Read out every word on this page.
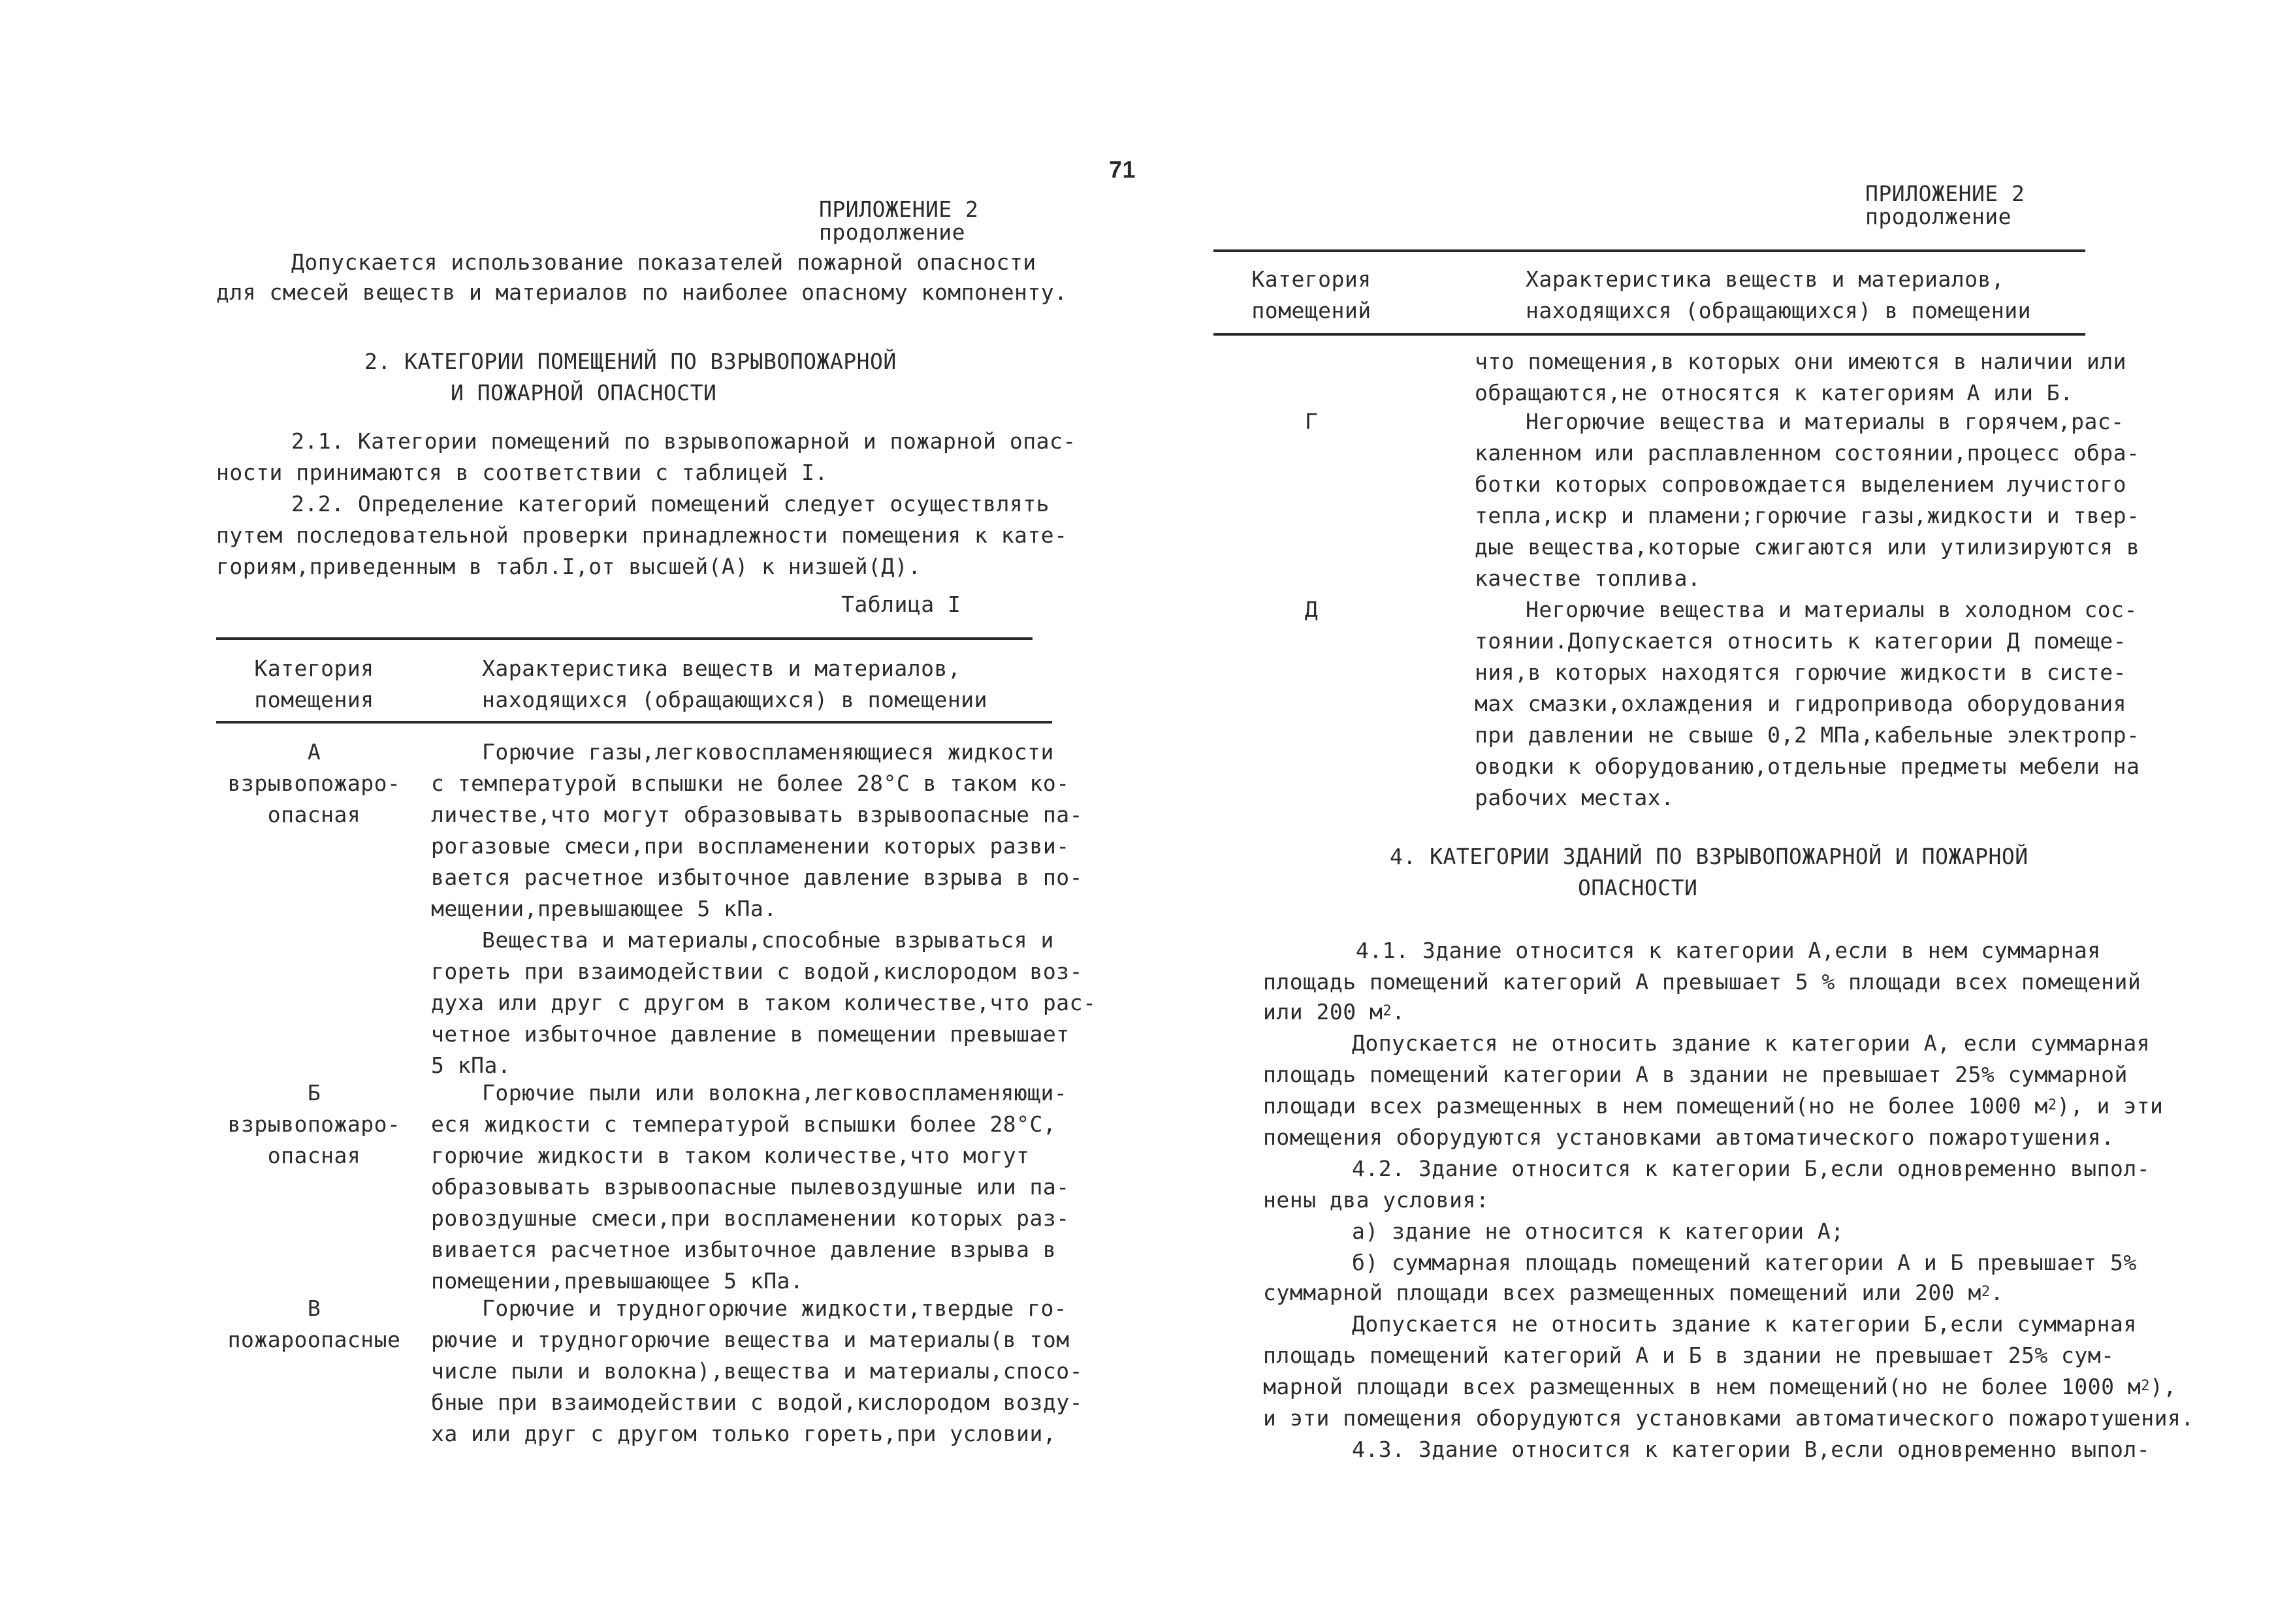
71
ПРИЛОЖЕНИЕ 2
продолжение
Допускается использование показателей пожарной опасности
для смесей веществ и материалов по наиболее опасному компоненту.
2. КАТЕГОРИИ ПОМЕЩЕНИЙ ПО ВЗРЫВОПОЖАРНОЙ
И ПОЖАРНОЙ ОПАСНОСТИ
2.1. Категории помещений по взрывопожарной и пожарной опас-
ности принимаются в соответствии с таблицей I.
2.2. Определение категорий помещений следует осуществлять
путем последовательной проверки принадлежности помещения к кате-
гориям,приведенным в табл.I,от высшей(А) к низшей(Д).
Таблица I
Категория
помещения
Характеристика веществ и материалов,
находящихся (обращающихся) в помещении
А
взрывопожаро-
опасная
Б
взрывопожаро-
опасная
В
пожароопасные
Горючие газы,легковоспламеняющиеся жидкости
с температурой вспышки не более 28°С в таком ко-
личестве,что могут образовывать взрывоопасные па-
рогазовые смеси,при воспламенении которых разви-
вается расчетное избыточное давление взрыва в по-
мещении,превышающее 5 кПа.
Вещества и материалы,способные взрываться и
гореть при взаимодействии с водой,кислородом воз-
духа или друг с другом в таком количестве,что рас-
четное избыточное давление в помещении превышает
5 кПа.
Горючие пыли или волокна,легковоспламеняющи-
еся жидкости с температурой вспышки более 28°С,
горючие жидкости в таком количестве,что могут
образовывать взрывоопасные пылевоздушные или па-
ровоздушные смеси,при воспламенении которых раз-
вивается расчетное избыточное давление взрыва в
помещении,превышающее 5 кПа.
Горючие и трудногорючие жидкости,твердые го-
рючие и трудногорючие вещества и материалы(в том
числе пыли и волокна),вещества и материалы,спосо-
бные при взаимодействии с водой,кислородом возду-
ха или друг с другом только гореть,при условии,
ПРИЛОЖЕНИЕ 2
продолжение
Категория
помещений
Характеристика веществ и материалов,
находящихся (обращающихся) в помещении
Г
Д
что помещения,в которых они имеются в наличии или
обращаются,не относятся к категориям А или Б.
Негорючие вещества и материалы в горячем,рас-
каленном или расплавленном состоянии,процесс обра-
ботки которых сопровождается выделением лучистого
тепла,искр и пламени;горючие газы,жидкости и твер-
дые вещества,которые сжигаются или утилизируются в
качестве топлива.
Негорючие вещества и материалы в холодном сос-
тоянии.Допускается относить к категории Д помеще-
ния,в которых находятся горючие жидкости в систе-
мах смазки,охлаждения и гидропривода оборудования
при давлении не свыше 0,2 МПа,кабельные электропр-
оводки к оборудованию,отдельные предметы мебели на
рабочих местах.
4. КАТЕГОРИИ ЗДАНИЙ ПО ВЗРЫВОПОЖАРНОЙ И ПОЖАРНОЙ
ОПАСНОСТИ
4.1. Здание относится к категории А,если в нем суммарная
площадь помещений категорий А превышает 5 % площади всех помещений
или 200 $м^2$.
Допускается не относить здание к категории А, если суммарная
площадь помещений категории А в здании не превышает 25% суммарной
площади всех размещенных в нем помещений(но не более 1000 $м^2$), и эти
помещения оборудуются установками автоматического пожаротушения.
4.2. Здание относится к категории Б,если одновременно выпол-
нены два условия:
а) здание не относится к категории А;
б) суммарная площадь помещений категории А и Б превышает 5%
суммарной площади всех размещенных помещений или 200 $м^2$.
Допускается не относить здание к категории Б,если суммарная
площадь помещений категорий А и Б в здании не превышает 25% сум-
марной площади всех размещенных в нем помещений(но не более 1000 $м^2$),
и эти помещения оборудуются установками автоматического пожаротушения.
4.3. Здание относится к категории В,если одновременно выпол-
